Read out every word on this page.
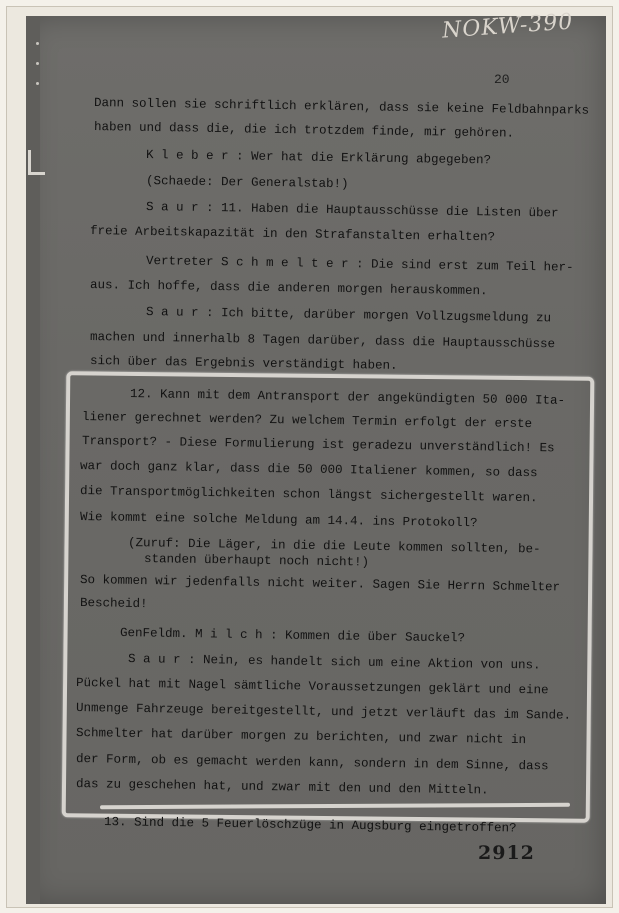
NOKW-390
20
Dann sollen sie schriftlich erklären, dass sie keine Feldbahnparks
haben und dass die, die ich trotzdem finde, mir gehören.
K l e b e r : Wer hat die Erklärung abgegeben?
(Schaede: Der Generalstab!)
S a u r : 11. Haben die Hauptausschüsse die Listen über
freie Arbeitskapazität in den Strafanstalten erhalten?
Vertreter S c h m e l t e r : Die sind erst zum Teil her-
aus. Ich hoffe, dass die anderen morgen herauskommen.
S a u r : Ich bitte, darüber morgen Vollzugsmeldung zu
machen und innerhalb 8 Tagen darüber, dass die Hauptausschüsse
sich über das Ergebnis verständigt haben.
12. Kann mit dem Antransport der angekündigten 50 000 Ita-
liener gerechnet werden? Zu welchem Termin erfolgt der erste
Transport? - Diese Formulierung ist geradezu unverständlich! Es
war doch ganz klar, dass die 50 000 Italiener kommen, so dass
die Transportmöglichkeiten schon längst sichergestellt waren.
Wie kommt eine solche Meldung am 14.4. ins Protokoll?
(Zuruf: Die Läger, in die die Leute kommen sollten, be-
standen überhaupt noch nicht!)
So kommen wir jedenfalls nicht weiter. Sagen Sie Herrn Schmelter
Bescheid!
GenFeldm. M i l c h : Kommen die über Sauckel?
S a u r : Nein, es handelt sich um eine Aktion von uns.
Pückel hat mit Nagel sämtliche Voraussetzungen geklärt und eine
Unmenge Fahrzeuge bereitgestellt, und jetzt verläuft das im Sande.
Schmelter hat darüber morgen zu berichten, und zwar nicht in
der Form, ob es gemacht werden kann, sondern in dem Sinne, dass
das zu geschehen hat, und zwar mit den und den Mitteln.
13. Sind die 5 Feuerlöschzüge in Augsburg eingetroffen?
2912
